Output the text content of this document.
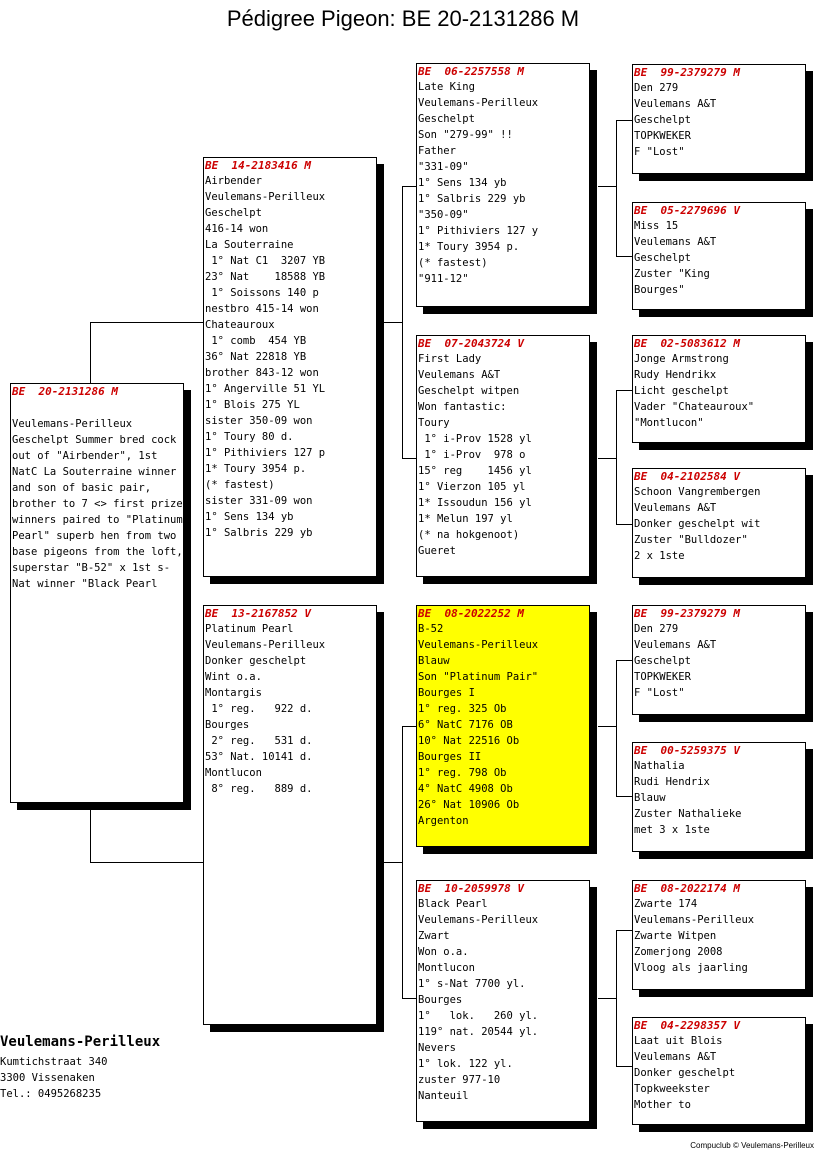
Pédigree Pigeon: BE 20-2131286 M
BE  20-2131286 M
Veulemans-Perilleux Geschelpt Summer bred cock out of "Airbender", 1st NatC La Souterraine winner and son of basic pair, brother to 7 <> first prize winners paired to "Platinum Pearl" superb hen from two base pigeons from the loft, superstar "B-52" x 1st s-Nat winner "Black Pearl
BE  14-2183416 M
Airbender
Veulemans-Perilleux
Geschelpt
416-14 won
La Souterraine
1° Nat C1  3207 YB
23° Nat    18588 YB
1° Soissons 140 p
nestbro 415-14 won
Chateauroux
1° comb  454 YB
36° Nat 22818 YB
brother 843-12 won
1° Angerville 51 YL
1° Blois 275 YL
sister 350-09 won
1° Toury 80 d.
1° Pithiviers 127 p
1* Toury 3954 p.
(* fastest)
sister 331-09 won
1° Sens 134 yb
1° Salbris 229 yb
BE  13-2167852 V
Platinum Pearl
Veulemans-Perilleux
Donker geschelpt
Wint o.a.
Montargis
1° reg.   922 d.
Bourges
2° reg.   531 d.
53° Nat. 10141 d.
Montlucon
8° reg.   889 d.
BE  06-2257558 M
Late King
Veulemans-Perilleux
Geschelpt
Son "279-99" !!
Father
"331-09"
1° Sens 134 yb
1° Salbris 229 yb
"350-09"
1° Pithiviers 127 y
1* Toury 3954 p.
(* fastest)
"911-12"
BE  07-2043724 V
First Lady
Veulemans A&T
Geschelpt witpen
Won fantastic:
Toury
1° i-Prov 1528 yl
1° i-Prov  978 o
15° reg    1456 yl
1° Vierzon 105 yl
1* Issoudun 156 yl
1* Melun 197 yl
(* na hokgenoot)
Gueret
BE  08-2022252 M
B-52
Veulemans-Perilleux
Blauw
Son "Platinum Pair"
Bourges I
1° reg. 325 Ob
6° NatC 7176 OB
10° Nat 22516 Ob
Bourges II
1° reg. 798 Ob
4° NatC 4908 Ob
26° Nat 10906 Ob
Argenton
BE  10-2059978 V
Black Pearl
Veulemans-Perilleux
Zwart
Won o.a.
Montlucon
1° s-Nat 7700 yl.
Bourges
1°   lok.   260 yl.
119° nat. 20544 yl.
Nevers
1° lok. 122 yl.
zuster 977-10
Nanteuil
BE  99-2379279 M
Den 279
Veulemans A&T
Geschelpt
TOPKWEKER
F "Lost"
BE  05-2279696 V
Miss 15
Veulemans A&T
Geschelpt
Zuster "King
Bourges"
BE  02-5083612 M
Jonge Armstrong
Rudy Hendrikx
Licht geschelpt
Vader "Chateauroux"
"Montlucon"
BE  04-2102584 V
Schoon Vangrembergen
Veulemans A&T
Donker geschelpt wit
Zuster "Bulldozer"
2 x 1ste
BE  99-2379279 M
Den 279
Veulemans A&T
Geschelpt
TOPKWEKER
F "Lost"
BE  00-5259375 V
Nathalia
Rudi Hendrix
Blauw
Zuster Nathalieke
met 3 x 1ste
BE  08-2022174 M
Zwarte 174
Veulemans-Perilleux
Zwarte Witpen
Zomerjong 2008
Vloog als jaarling
BE  04-2298357 V
Laat uit Blois
Veulemans A&T
Donker geschelpt
Topkweekster
Mother to
Veulemans-Perilleux
Kumtichstraat 340
3300 Vissenaken
Tel.: 0495268235
Compuclub © Veulemans-Perilleux
